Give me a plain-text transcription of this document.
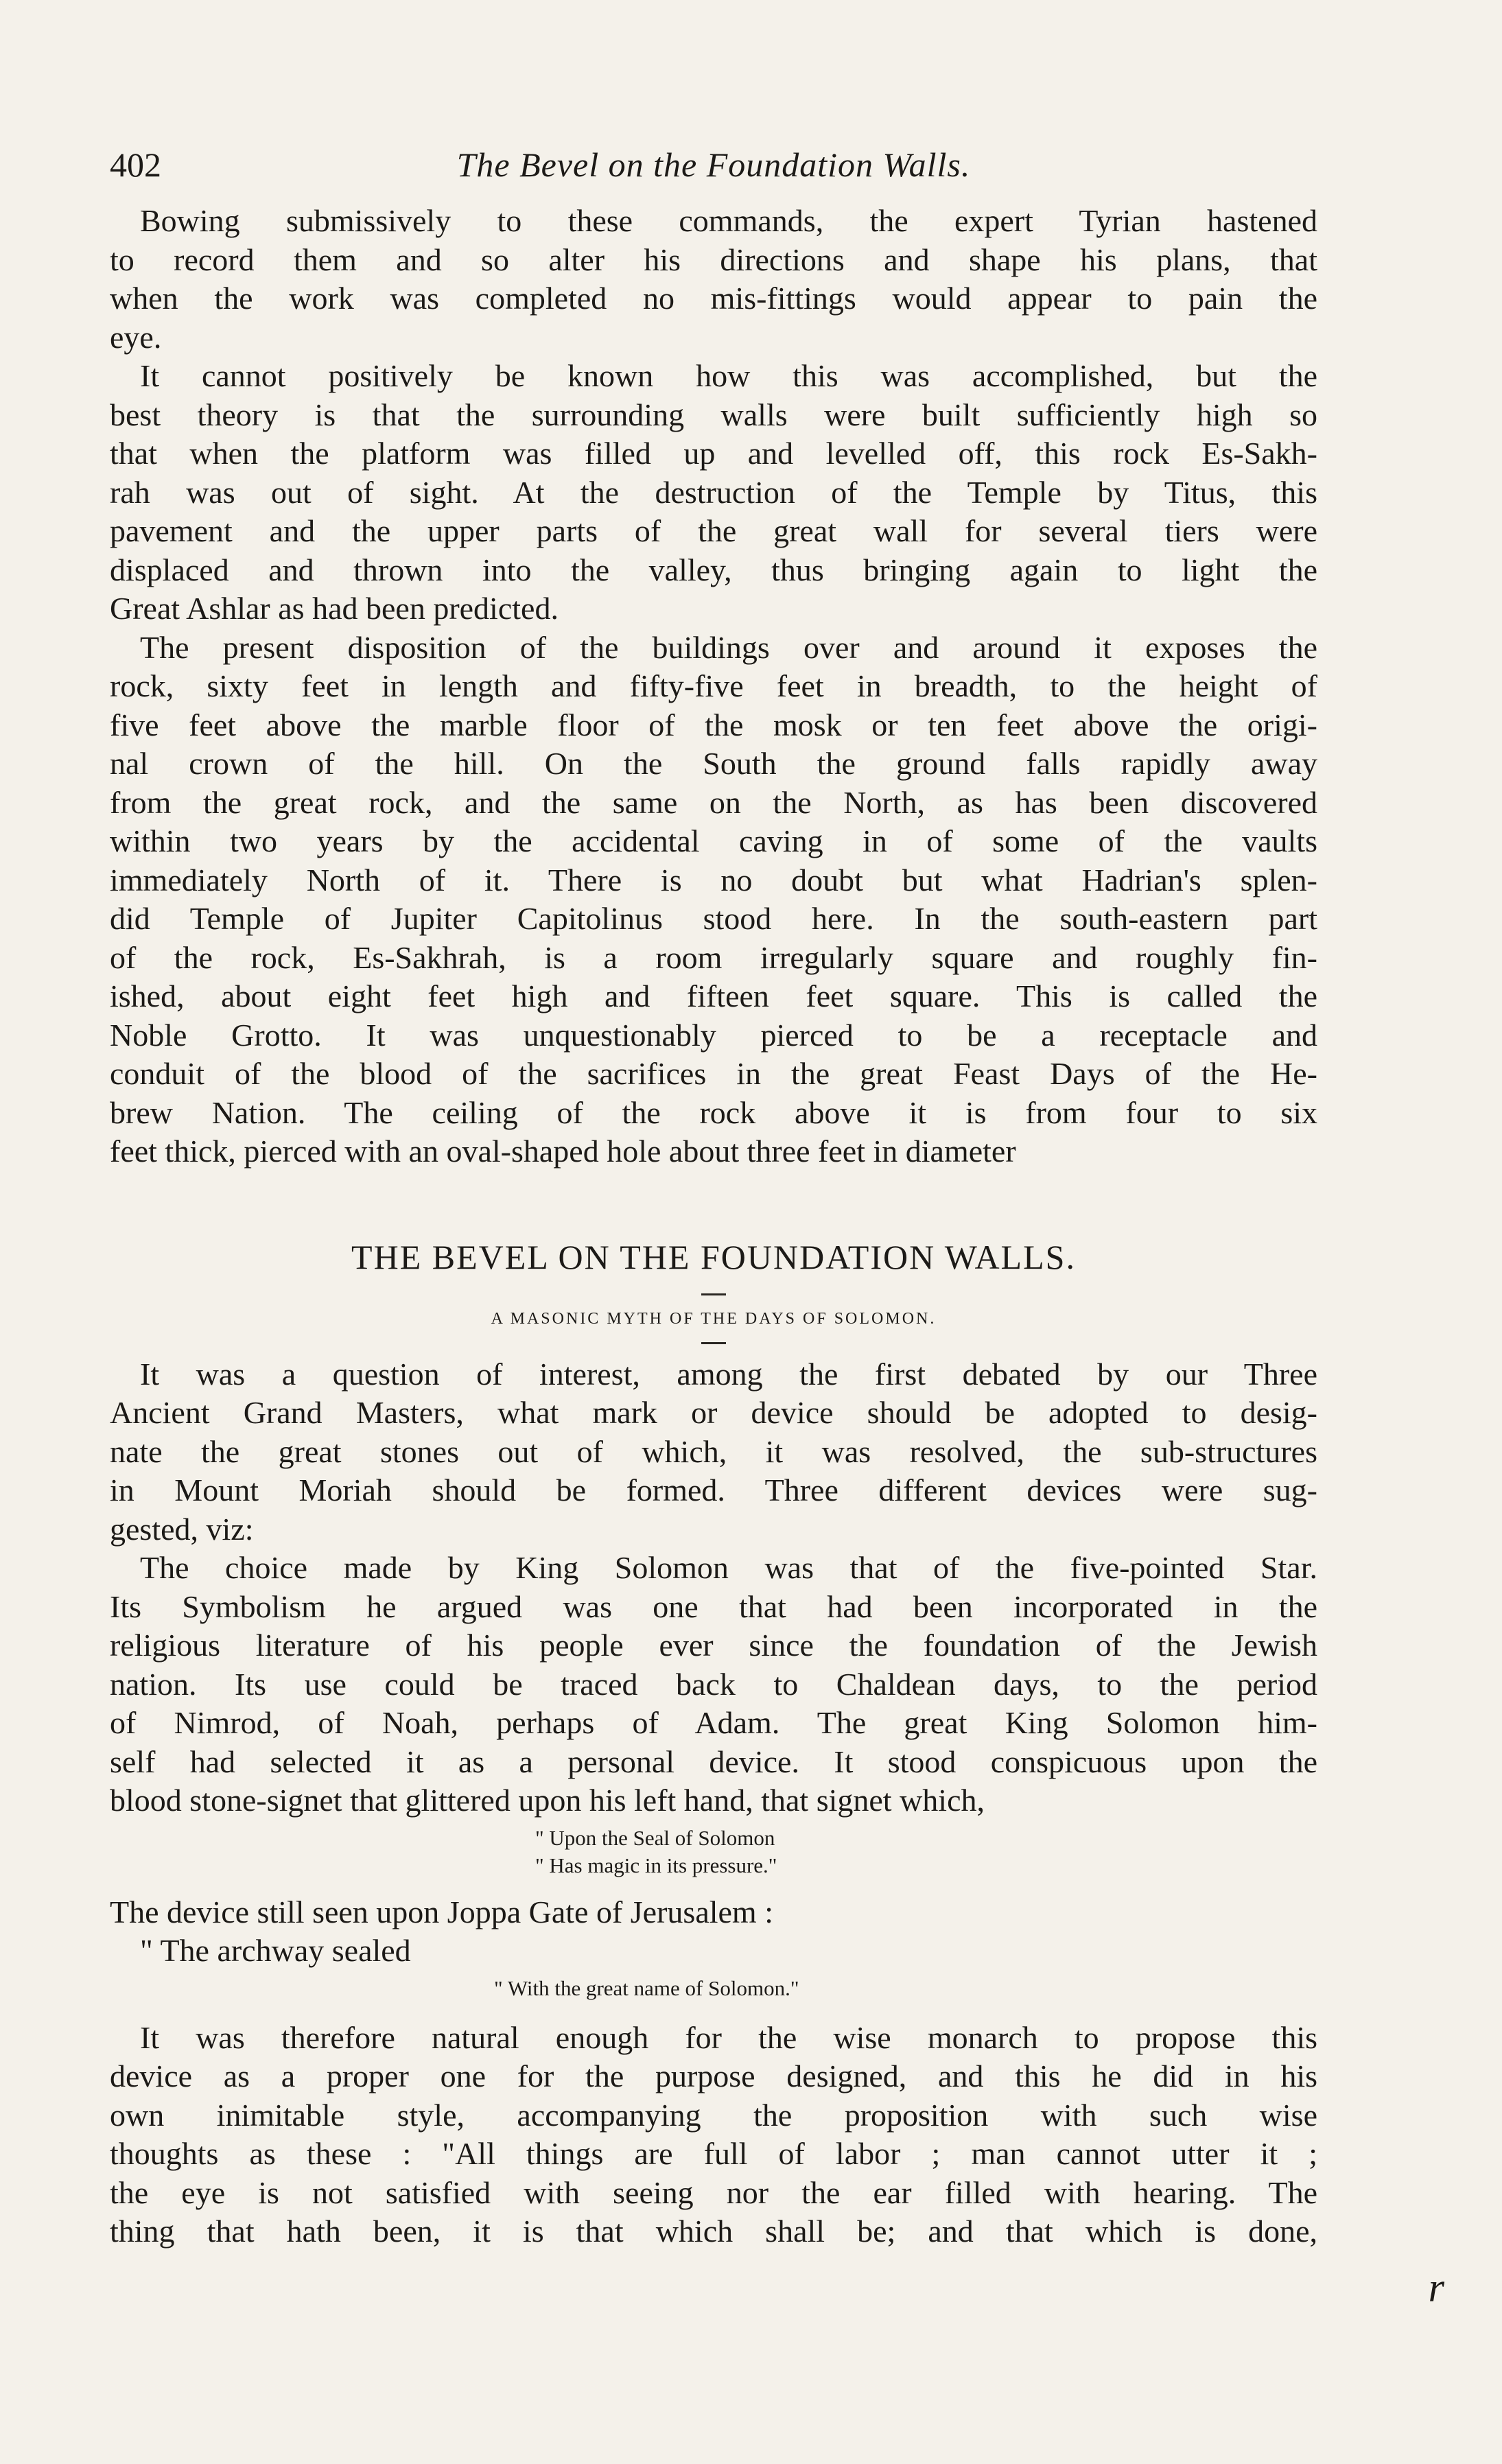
402	The Bevel on the Foundation Walls.

Bowing submissively to these commands, the expert Tyrian hastened
to record them and so alter his directions and shape his plans, that
when the work was completed no mis-fittings would appear to pain the
eye.

It cannot positively be known how this was accomplished, but the
best theory is that the surrounding walls were built sufficiently high so
that when the platform was filled up and levelled off, this rock Es-Sakh-
rah was out of sight. At the destruction of the Temple by Titus, this
pavement and the upper parts of the great wall for several tiers were
displaced and thrown into the valley, thus bringing again to light the
Great Ashlar as had been predicted.

The present disposition of the buildings over and around it exposes the
rock, sixty feet in length and fifty-five feet in breadth, to the height of
five feet above the marble floor of the mosk or ten feet above the origi-
nal crown of the hill. On the South the ground falls rapidly away
from the great rock, and the same on the North, as has been discovered
within two years by the accidental caving in of some of the vaults
immediately North of it. There is no doubt but what Hadrian's splen-
did Temple of Jupiter Capitolinus stood here. In the south-eastern part
of the rock, Es-Sakhrah, is a room irregularly square and roughly fin-
ished, about eight feet high and fifteen feet square. This is called the
Noble Grotto. It was unquestionably pierced to be a receptacle and
conduit of the blood of the sacrifices in the great Feast Days of the He-
brew Nation. The ceiling of the rock above it is from four to six
feet thick, pierced with an oval-shaped hole about three feet in diameter

THE BEVEL ON THE FOUNDATION WALLS.
A MASONIC MYTH OF THE DAYS OF SOLOMON.

It was a question of interest, among the first debated by our Three
Ancient Grand Masters, what mark or device should be adopted to desig-
nate the great stones out of which, it was resolved, the sub-structures
in Mount Moriah should be formed. Three different devices were sug-
gested, viz:

The choice made by King Solomon was that of the five-pointed Star.
Its Symbolism he argued was one that had been incorporated in the
religious literature of his people ever since the foundation of the Jewish
nation. Its use could be traced back to Chaldean days, to the period
of Nimrod, of Noah, perhaps of Adam. The great King Solomon him-
self had selected it as a personal device. It stood conspicuous upon the
blood stone-signet that glittered upon his left hand, that signet which,

" Upon the Seal of Solomon
" Has magic in its pressure."
The device still seen upon Joppa Gate of Jerusalem :
" The archway sealed
" With the great name of Solomon."

It was therefore natural enough for the wise monarch to propose this
device as a proper one for the purpose designed, and this he did in his
own inimitable style, accompanying the proposition with such wise
thoughts as these : "All things are full of labor ; man cannot utter it ;
the eye is not satisfied with seeing nor the ear filled with hearing. The
thing that hath been, it is that which shall be; and that which is done,

r
